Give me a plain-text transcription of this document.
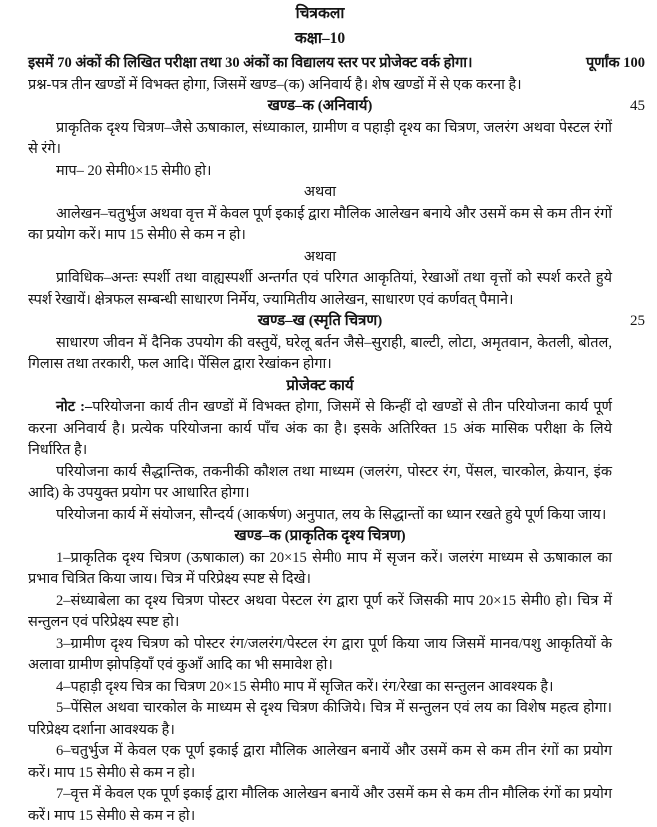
चित्रकला
कक्षा–10
इसमें 70 अंकों की लिखित परीक्षा तथा 30 अंकों का विद्यालय स्तर पर प्रोजेक्ट वर्क होगा।	पूर्णांक 100

प्रश्न-पत्र तीन खण्डों में विभक्त होगा, जिसमें खण्ड–(क) अनिवार्य है। शेष खण्डों में से एक करना है।

खण्ड–क (अनिवार्य)	45

प्राकृतिक दृश्य चित्रण–जैसे ऊषाकाल, संध्याकाल, ग्रामीण व पहाड़ी दृश्य का चित्रण, जलरंग अथवा पेस्टल रंगों से रंगे।

माप– 20 सेमी0×15 सेमी0 हो।

अथवा

आलेखन–चतुर्भुज अथवा वृत्त में केवल पूर्ण इकाई द्वारा मौलिक आलेखन बनाये और उसमें कम से कम तीन रंगों का प्रयोग करें। माप 15 सेमी0 से कम न हो।

अथवा

प्राविधिक–अन्तः स्पर्शी तथा वाह्यस्पर्शी अन्तर्गत एवं परिगत आकृतियां, रेखाओं तथा वृत्तों को स्पर्श करते हुये स्पर्श रेखायें। क्षेत्रफल सम्बन्धी साधारण निर्मेय, ज्यामितीय आलेखन, साधारण एवं कर्णवत् पैमाने।

खण्ड–ख (स्मृति चित्रण)	25

साधारण जीवन में दैनिक उपयोग की वस्तुयें, घरेलू बर्तन जैसे–सुराही, बाल्टी, लोटा, अमृतवान, केतली, बोतल, गिलास तथा तरकारी, फल आदि। पेंसिल द्वारा रेखांकन होगा।

प्रोजेक्ट कार्य

नोट :–परियोजना कार्य तीन खण्डों में विभक्त होगा, जिसमें से किन्हीं दो खण्डों से तीन परियोजना कार्य पूर्ण करना अनिवार्य है। प्रत्येक परियोजना कार्य पाँच अंक का है। इसके अतिरिक्त 15 अंक मासिक परीक्षा के लिये निर्धारित है।

परियोजना कार्य सैद्धान्तिक, तकनीकी कौशल तथा माध्यम (जलरंग, पोस्टर रंग, पेंसल, चारकोल, क्रेयान, इंक आदि) के उपयुक्त प्रयोग पर आधारित होगा।

परियोजना कार्य में संयोजन, सौन्दर्य (आकर्षण) अनुपात, लय के सिद्धान्तों का ध्यान रखते हुये पूर्ण किया जाय।

खण्ड–क (प्राकृतिक दृश्य चित्रण)

1–प्राकृतिक दृश्य चित्रण (ऊषाकाल) का 20×15 सेमी0 माप में सृजन करें। जलरंग माध्यम से ऊषाकाल का प्रभाव चित्रित किया जाय। चित्र में परिप्रेक्ष्य स्पष्ट से दिखे।

2–संध्याबेला का दृश्य चित्रण पोस्टर अथवा पेस्टल रंग द्वारा पूर्ण करें जिसकी माप 20×15 सेमी0 हो। चित्र में सन्तुलन एवं परिप्रेक्ष्य स्पष्ट हो।

3–ग्रामीण दृश्य चित्रण को पोस्टर रंग/जलरंग/पेस्टल रंग द्वारा पूर्ण किया जाय जिसमें मानव/पशु आकृतियों के अलावा ग्रामीण झोपड़ियाँ एवं कुआँ आदि का भी समावेश हो।

4–पहाड़ी दृश्य चित्र का चित्रण 20×15 सेमी0 माप में सृजित करें। रंग/रेखा का सन्तुलन आवश्यक है।

5–पेंसिल अथवा चारकोल के माध्यम से दृश्य चित्रण कीजिये। चित्र में सन्तुलन एवं लय का विशेष महत्व होगा। परिप्रेक्ष्य दर्शाना आवश्यक है।

6–चतुर्भुज में केवल एक पूर्ण इकाई द्वारा मौलिक आलेखन बनायें और उसमें कम से कम तीन रंगों का प्रयोग करें। माप 15 सेमी0 से कम न हो।

7–वृत्त में केवल एक पूर्ण इकाई द्वारा मौलिक आलेखन बनायें और उसमें कम से कम तीन मौलिक रंगों का प्रयोग करें। माप 15 सेमी0 से कम न हो।
